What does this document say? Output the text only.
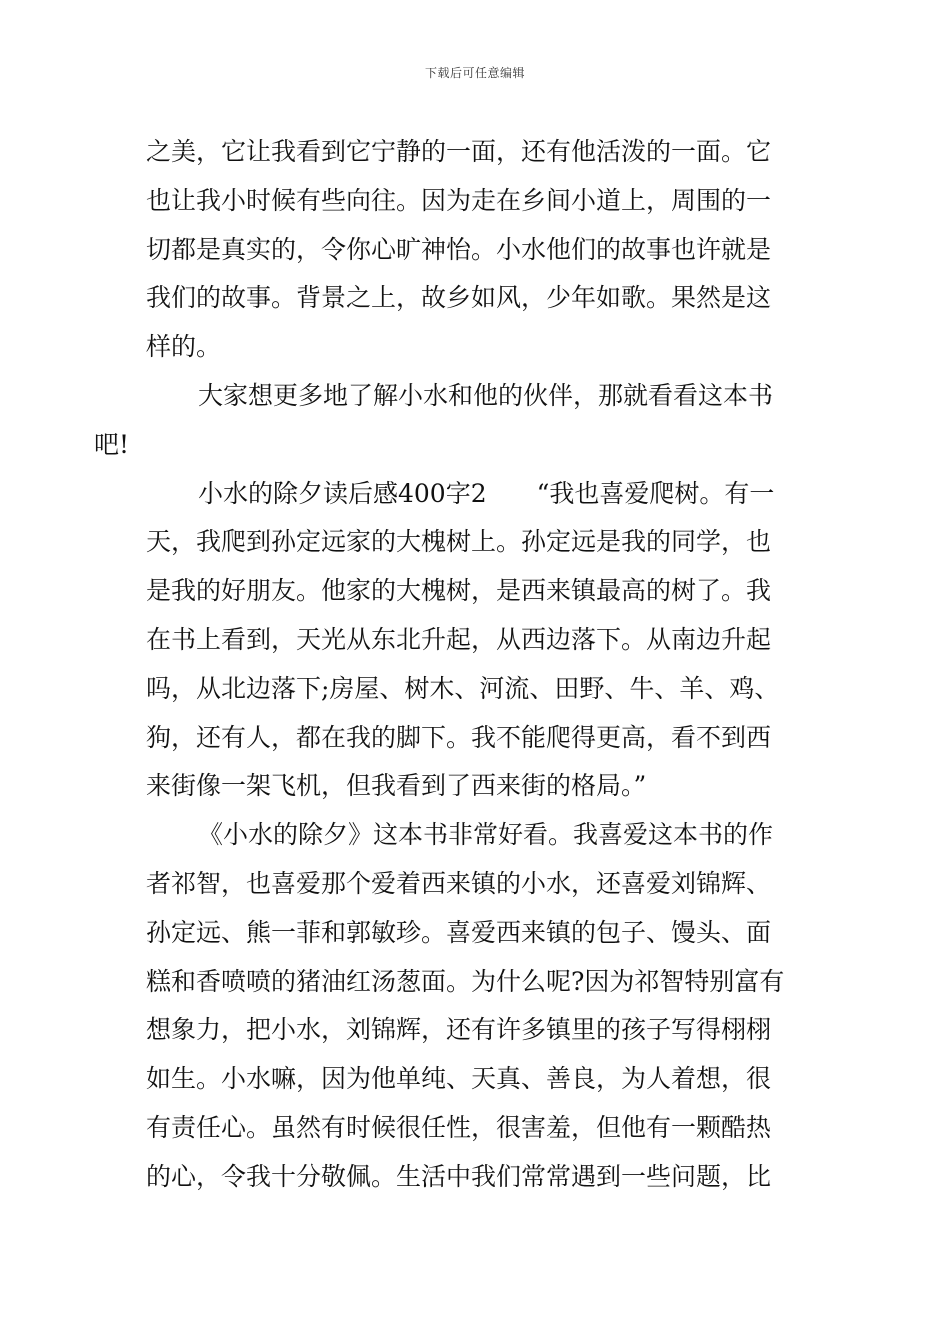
下载后可任意编辑

之美，它让我看到它宁静的一面，还有他活泼的一面。它
也让我小时候有些向往。因为走在乡间小道上，周围的一
切都是真实的，令你心旷神怡。小水他们的故事也许就是
我们的故事。背景之上，故乡如风，少年如歌。果然是这
样的。

大家想更多地了解小水和他的伙伴，那就看看这本书
吧!

小水的除夕读后感400字2　　“我也喜爱爬树。有一
天，我爬到孙定远家的大槐树上。孙定远是我的同学，也
是我的好朋友。他家的大槐树，是西来镇最高的树了。我
在书上看到，天光从东北升起，从西边落下。从南边升起
吗，从北边落下;房屋、树木、河流、田野、牛、羊、鸡、
狗，还有人，都在我的脚下。我不能爬得更高，看不到西
来街像一架飞机，但我看到了西来街的格局。”

《小水的除夕》这本书非常好看。我喜爱这本书的作
者祁智，也喜爱那个爱着西来镇的小水，还喜爱刘锦辉、
孙定远、熊一菲和郭敏珍。喜爱西来镇的包子、馒头、面
糕和香喷喷的猪油红汤葱面。为什么呢?因为祁智特别富有
想象力，把小水，刘锦辉，还有许多镇里的孩子写得栩栩
如生。小水嘛，因为他单纯、天真、善良，为人着想，很
有责任心。虽然有时候很任性，很害羞，但他有一颗酷热
的心，令我十分敬佩。生活中我们常常遇到一些问题，比
